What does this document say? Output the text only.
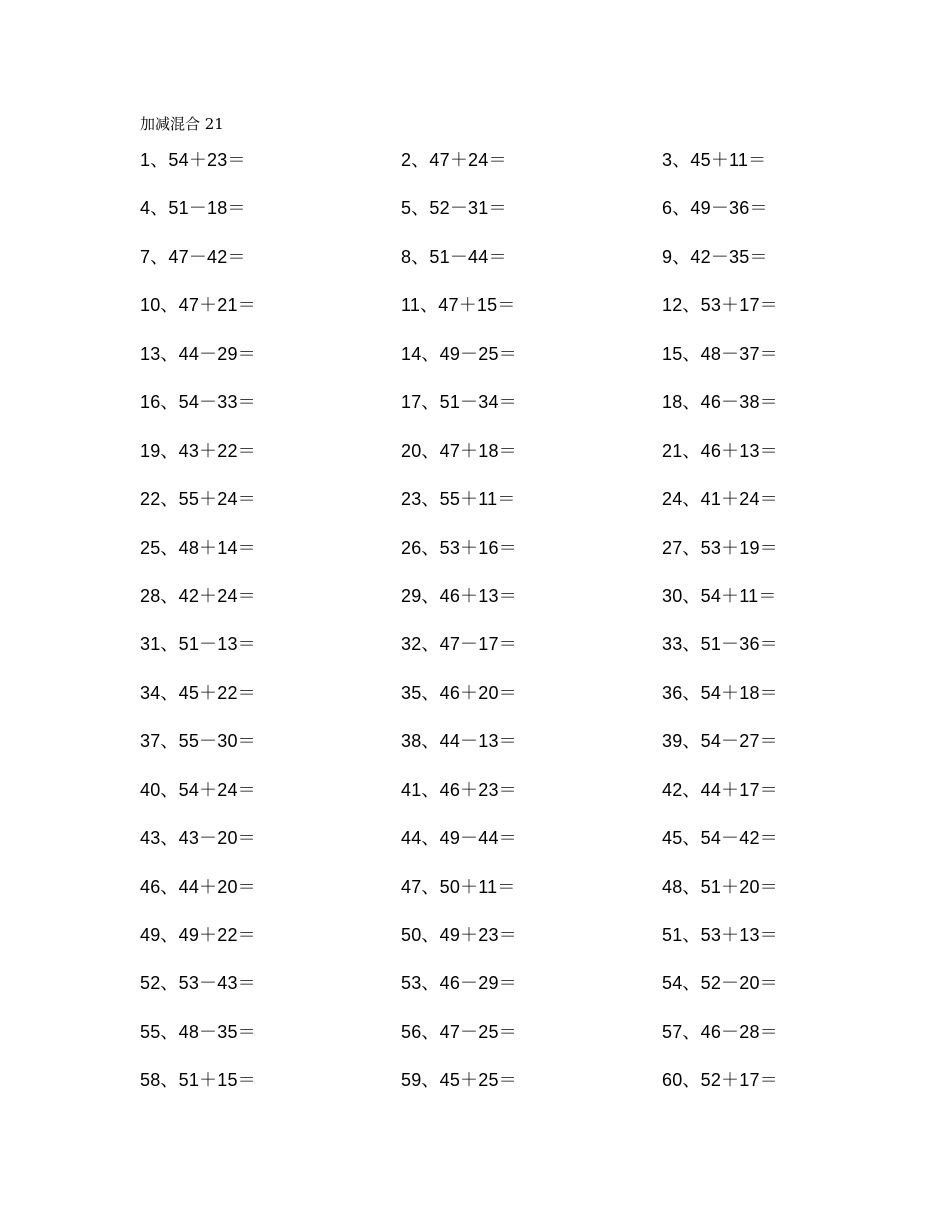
加减混合 21
1、54＋23＝	2、47＋24＝	3、45＋11＝
4、51－18＝	5、52－31＝	6、49－36＝
7、47－42＝	8、51－44＝	9、42－35＝
10、47＋21＝	11、47＋15＝	12、53＋17＝
13、44－29＝	14、49－25＝	15、48－37＝
16、54－33＝	17、51－34＝	18、46－38＝
19、43＋22＝	20、47＋18＝	21、46＋13＝
22、55＋24＝	23、55＋11＝	24、41＋24＝
25、48＋14＝	26、53＋16＝	27、53＋19＝
28、42＋24＝	29、46＋13＝	30、54＋11＝
31、51－13＝	32、47－17＝	33、51－36＝
34、45＋22＝	35、46＋20＝	36、54＋18＝
37、55－30＝	38、44－13＝	39、54－27＝
40、54＋24＝	41、46＋23＝	42、44＋17＝
43、43－20＝	44、49－44＝	45、54－42＝
46、44＋20＝	47、50＋11＝	48、51＋20＝
49、49＋22＝	50、49＋23＝	51、53＋13＝
52、53－43＝	53、46－29＝	54、52－20＝
55、48－35＝	56、47－25＝	57、46－28＝
58、51＋15＝	59、45＋25＝	60、52＋17＝
